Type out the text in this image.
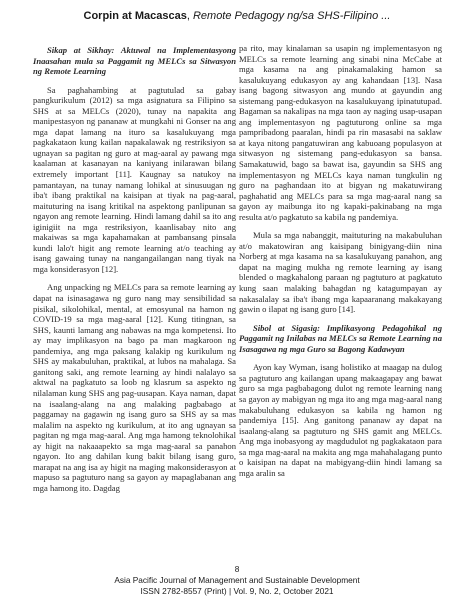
Corpin at Macascas, Remote Pedagogy ng/sa SHS-Filipino ...

Sikap at Sikhay: Aktuwal na Implementasyong Inaasahan mula sa Paggamit ng MELCs sa Sitwasyon ng Remote Learning

Sa paghahambing at pagtutulad sa gabay pangkurikulum (2012) sa mga asignatura sa Filipino sa SHS at sa MELCs (2020), tunay na napakita ang manipestasyon ng pananaw at mungkahi ni Gonser na ang mga dapat lamang na ituro sa kasalukuyang mga pagkakataon kung kailan napakalawak ng restriksiyon sa ugnayan sa pagitan ng guro at mag-aaral ay pawang mga kaalaman at kasanayan na kaniyang inilarawan bilang extremely important [11]. Kaugnay sa natukoy na pamantayan, na tunay namang lohikal at sinusuugan ng iba't ibang praktikal na kaisipan at tiyak na pag-aaral, maituturing na isang kritikal na aspektong panlipunan sa ngayon ang remote learning. Hindi lamang dahil sa ito ang iginigiit na mga restriksiyon, kaanlisabay nito ang makaiwas sa mga kapahamakan at pambansang pinsala kundi lalo't higit ang remote learning at/o teaching ay isang gawaing tunay na nangangailangan nang tiyak na mga konsiderasyon [12].

Ang unpacking ng MELCs para sa remote learning ay dapat na isinasagawa ng guro nang may sensibilidad sa pisikal, sikolohikal, mental, at emosyunal na hamon ng COVID-19 sa mga mag-aaral [12]. Kung titingnan, sa SHS, kaunti lamang ang nabawas na mga kompetensi. Ito ay may implikasyon na bago pa man magkaroon ng pandemiya, ang mga paksang kalakip ng kurikulum ng SHS ay makabuluhan, praktikal, at lubos na mahalaga. Sa ganitong saki, ang remote learning ay hindi nalalayo sa aktwal na pagkatuto sa loob ng klasrum sa aspekto ng nilalaman kung SHS ang pag-uusapan. Kaya naman, dapat na isaalang-alang na ang malaking pagbabago at paggamay na gagawin ng isang guro sa SHS ay sa mas malalim na aspekto ng kurikulum, at ito ang ugnayan sa pagitan ng mga mag-aaral. Ang mga hamong teknolohikal ay higit na nakaaapekto sa mga mag-aaral sa panahon ngayon. Ito ang dahilan kung bakit bilang isang guro, marapat na ang isa ay higit na maging makonsiderasyon at mapuso sa pagtuturo nang sa gayon ay mapaglabanan ang mga hamong ito. Dagdag

pa rito, may kinalaman sa usapin ng implementasyon ng MELCs sa remote learning ang sinabi nina McCabe at mga kasama na ang pinakamalaking hamon sa kasalukuyang edukasyon ay ang kahandaan [13]. Nasa isang bagong sitwasyon ang mundo at gayundin ang sistemang pang-edukasyon na kasalukuyang ipinatutupad. Bagaman sa nakalipas na mga taon ay naging usap-usapan ang implementasyon ng pagtuturong online sa mga pampribadong paaralan, hindi pa rin masasabi na saklaw at kaya nitong pangatuwiran ang kabuoang populasyon at sitwasyon ng sistemang pang-edukasyon sa bansa. Samakatuwid, bago sa bawat isa, gayundin sa SHS ang implementasyon ng MELCs kaya naman tungkulin ng guro na paghandaan ito at bigyan ng makatuwirang paghahatid ang MELCs para sa mga mag-aaral nang sa gayon ay maibunga ito ng kapaki-pakinabang na mga resulta at/o pagkatuto sa kabila ng pandemiya.

Mula sa mga nabanggit, maituturing na makabuluhan at/o makatowiran ang kaisipang binigyang-diin nina Norberg at mga kasama na sa kasalukuyang panahon, ang dapat na maging mukha ng remote learning ay isang blended o magkahalong paraan ng pagtuturo at pagkatuto kung saan malaking bahagdan ng katagumpayan ay nakasalalay sa iba't ibang mga kapaaranang makakayang gawin o ilapat ng isang guro [14].

Sibol at Sigasig: Implikasyong Pedagohikal ng Paggamit ng Inilabas na MELCs sa Remote Learning na Isasagawa ng mga Guro sa Bagong Kadawyan

Ayon kay Wyman, isang holistiko at maagap na dulog sa pagtuturo ang kailangan upang makaagapay ang bawat guro sa mga pagbabagong dulot ng remote learning nang sa gayon ay mabigyan ng mga ito ang mga mag-aaral nang makabuluhang edukasyon sa kabila ng hamon ng pandemiya [15]. Ang ganitong pananaw ay dapat na isaalang-alang sa pagtuturo ng SHS gamit ang MELCs. Ang mga inobasyong ay magdudulot ng pagkakataon para sa mga mag-aaral na makita ang mga mahahalagang punto o kaisipan na dapat na mabigyang-diin hindi lamang sa mga aralin sa

8
Asia Pacific Journal of Management and Sustainable Development
ISSN 2782-8557 (Print) | Vol. 9, No. 2, October 2021
